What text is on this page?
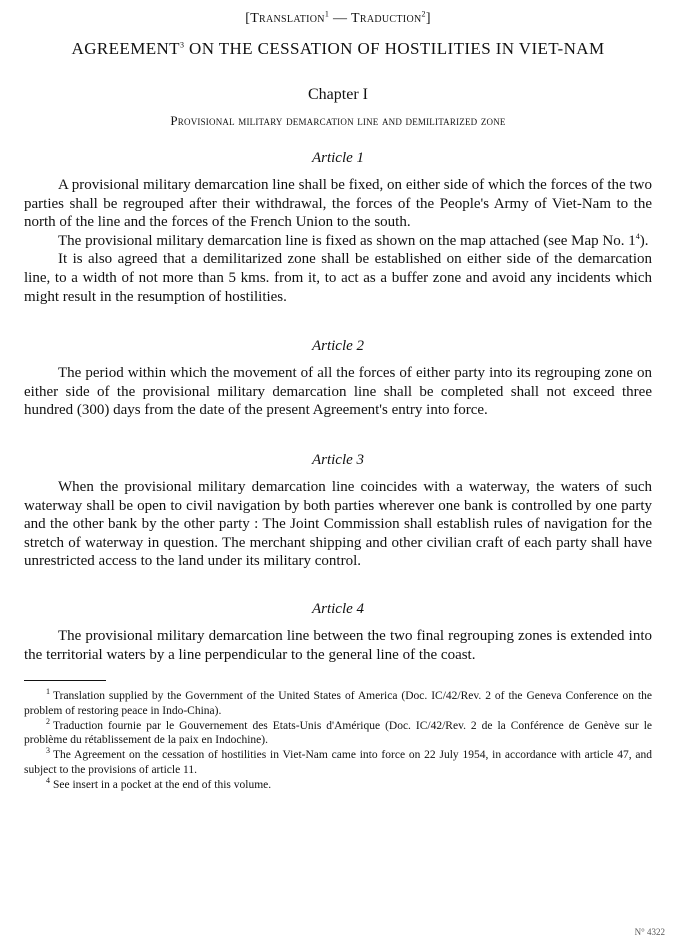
[Translation$^1$ — Traduction$^2$]
AGREEMENT$^3$ ON THE CESSATION OF HOSTILITIES IN VIET-NAM
Chapter I
Provisional military demarcation line and demilitarized zone
Article 1

A provisional military demarcation line shall be fixed, on either side of which the forces of the two parties shall be regrouped after their withdrawal, the forces of the People's Army of Viet-Nam to the north of the line and the forces of the French Union to the south.

The provisional military demarcation line is fixed as shown on the map attached (see Map No. $1^4$).

It is also agreed that a demilitarized zone shall be established on either side of the demarcation line, to a width of not more than 5 kms. from it, to act as a buffer zone and avoid any incidents which might result in the resumption of hostilities.

Article 2

The period within which the movement of all the forces of either party into its regrouping zone on either side of the provisional military demarcation line shall be completed shall not exceed three hundred (300) days from the date of the present Agreement's entry into force.

Article 3

When the provisional military demarcation line coincides with a waterway, the waters of such waterway shall be open to civil navigation by both parties wherever one bank is controlled by one party and the other bank by the other party : The Joint Commission shall establish rules of navigation for the stretch of waterway in question. The merchant shipping and other civilian craft of each party shall have unrestricted access to the land under its military control.

Article 4

The provisional military demarcation line between the two final regrouping zones is extended into the territorial waters by a line perpendicular to the general line of the coast.

$^1$ Translation supplied by the Government of the United States of America (Doc. IC/42/Rev. 2 of the Geneva Conference on the problem of restoring peace in Indo-China).

$^2$ Traduction fournie par le Gouvernement des Etats-Unis d'Amérique (Doc. IC/42/Rev. 2 de la Conférence de Genève sur le problème du rétablissement de la paix en Indochine).

$^3$ The Agreement on the cessation of hostilities in Viet-Nam came into force on 22 July 1954, in accordance with article 47, and subject to the provisions of article 11.

$^4$ See insert in a pocket at the end of this volume.

N° 4322
